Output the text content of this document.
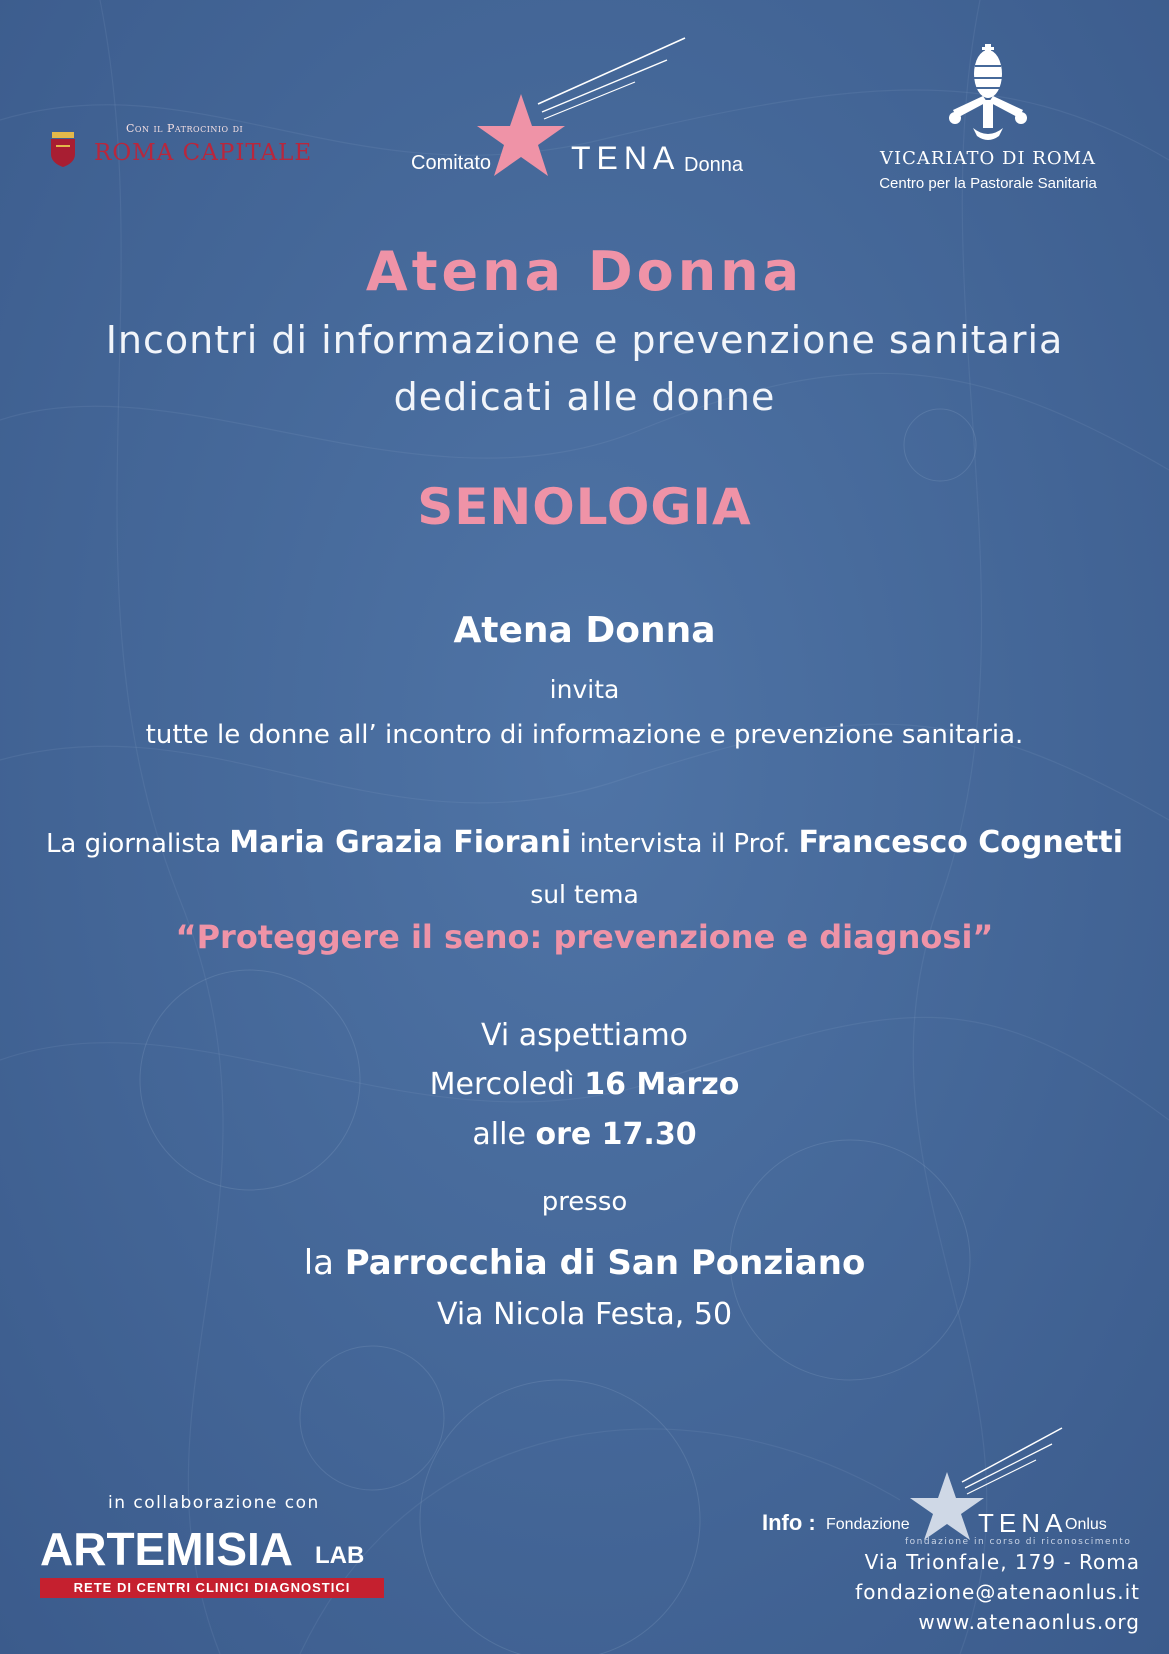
Con il Patrocinio di
ROMA CAPITALE	Comitato TENA Donna	VICARIATO DI ROMA
Centro per la Pastorale Sanitaria
Atena Donna
Incontri di informazione e prevenzione sanitaria
dedicati alle donne
SENOLOGIA
Atena Donna
invita
tutte le donne all’ incontro di informazione e prevenzione sanitaria.
La giornalista Maria Grazia Fiorani intervista il Prof. Francesco Cognetti
sul tema
“Proteggere il seno: prevenzione e diagnosi”
Vi aspettiamo
Mercoledì 16 Marzo
alle ore 17.30
presso
la Parrocchia di San Ponziano
Via Nicola Festa, 50
in collaborazione con
ARTEMISIA LAB
RETE DI CENTRI CLINICI DIAGNOSTICI
Info : Fondazione	TENA
Onlus
fondazione in corso di riconoscimento
Via Trionfale, 179 - Roma
fondazione@atenaonlus.it
www.atenaonlus.org
